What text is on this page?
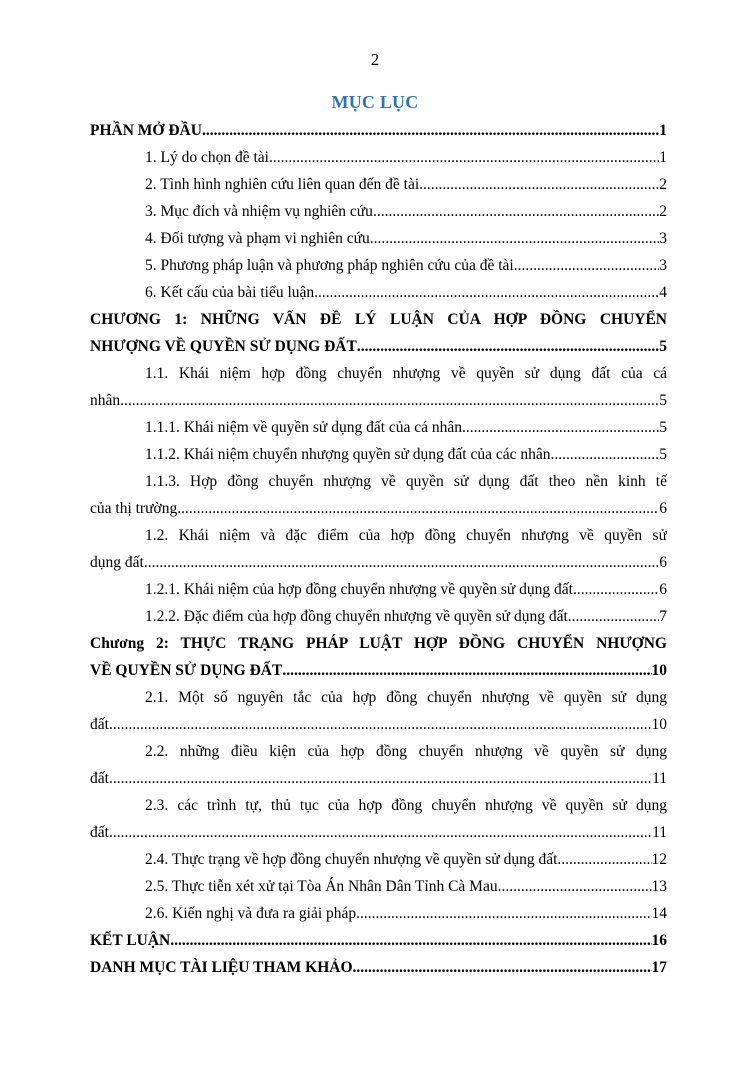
2
MỤC LỤC
PHẦN MỞ ĐẦU .....	1
1. Lý do chọn đề tài .....	1
2. Tình hình nghiên cứu liên quan đến đề tài .....	2
3. Mục đích và nhiệm vụ nghiên cứu .....	2
4. Đối tượng và phạm vi nghiên cứu .....	3
5. Phương pháp luận và phương pháp nghiên cứu của đề tài .....	3
6. Kết cấu của bài tiểu luận .....	4
CHƯƠNG 1: NHỮNG VẤN ĐỀ LÝ LUẬN CỦA HỢP ĐỒNG CHUYỂN
NHƯỢNG VỀ QUYỀN SỬ DỤNG ĐẤT .....	5
1.1. Khái niệm hợp đồng chuyển nhượng về quyền sử dụng đất của cá
nhân .....	5
1.1.1. Khái niệm về quyền sử dụng đất của cá nhân .....	5
1.1.2. Khái niệm chuyển nhượng quyền sử dụng đất của các nhân .....	5
1.1.3. Hợp đồng chuyển nhượng về quyền sử dụng đất theo nền kinh tế
của thị trường .....	6
1.2. Khái niệm và đặc điểm của hợp đồng chuyển nhượng về quyền sử
dụng đất .....	6
1.2.1. Khái niệm của hợp đồng chuyển nhượng về quyền sử dụng đất .....	6
1.2.2. Đặc điểm của hợp đồng chuyển nhượng về quyền sử dụng đất .....	7
Chương 2: THỰC TRẠNG PHÁP LUẬT HỢP ĐỒNG CHUYỂN NHƯỢNG
VỀ QUYỀN SỬ DỤNG ĐẤT .....	10
2.1. Một số nguyên tắc của hợp đồng chuyển nhượng về quyền sử dụng
đất .....	10
2.2. những điều kiện của hợp đồng chuyển nhượng về quyền sử dụng
đất .....	11
2.3. các trình tự, thủ tục của hợp đồng chuyển nhượng về quyền sử dụng
đất .....	11
2.4. Thực trạng về hợp đồng chuyển nhượng về quyền sử dụng đất .....	12
2.5. Thực tiễn xét xử tại Tòa Án Nhân Dân Tỉnh Cà Mau .....	13
2.6. Kiến nghị và đưa ra giải pháp .....	14
KẾT LUẬN .....	16
DANH MỤC TÀI LIỆU THAM KHẢO .....	17
